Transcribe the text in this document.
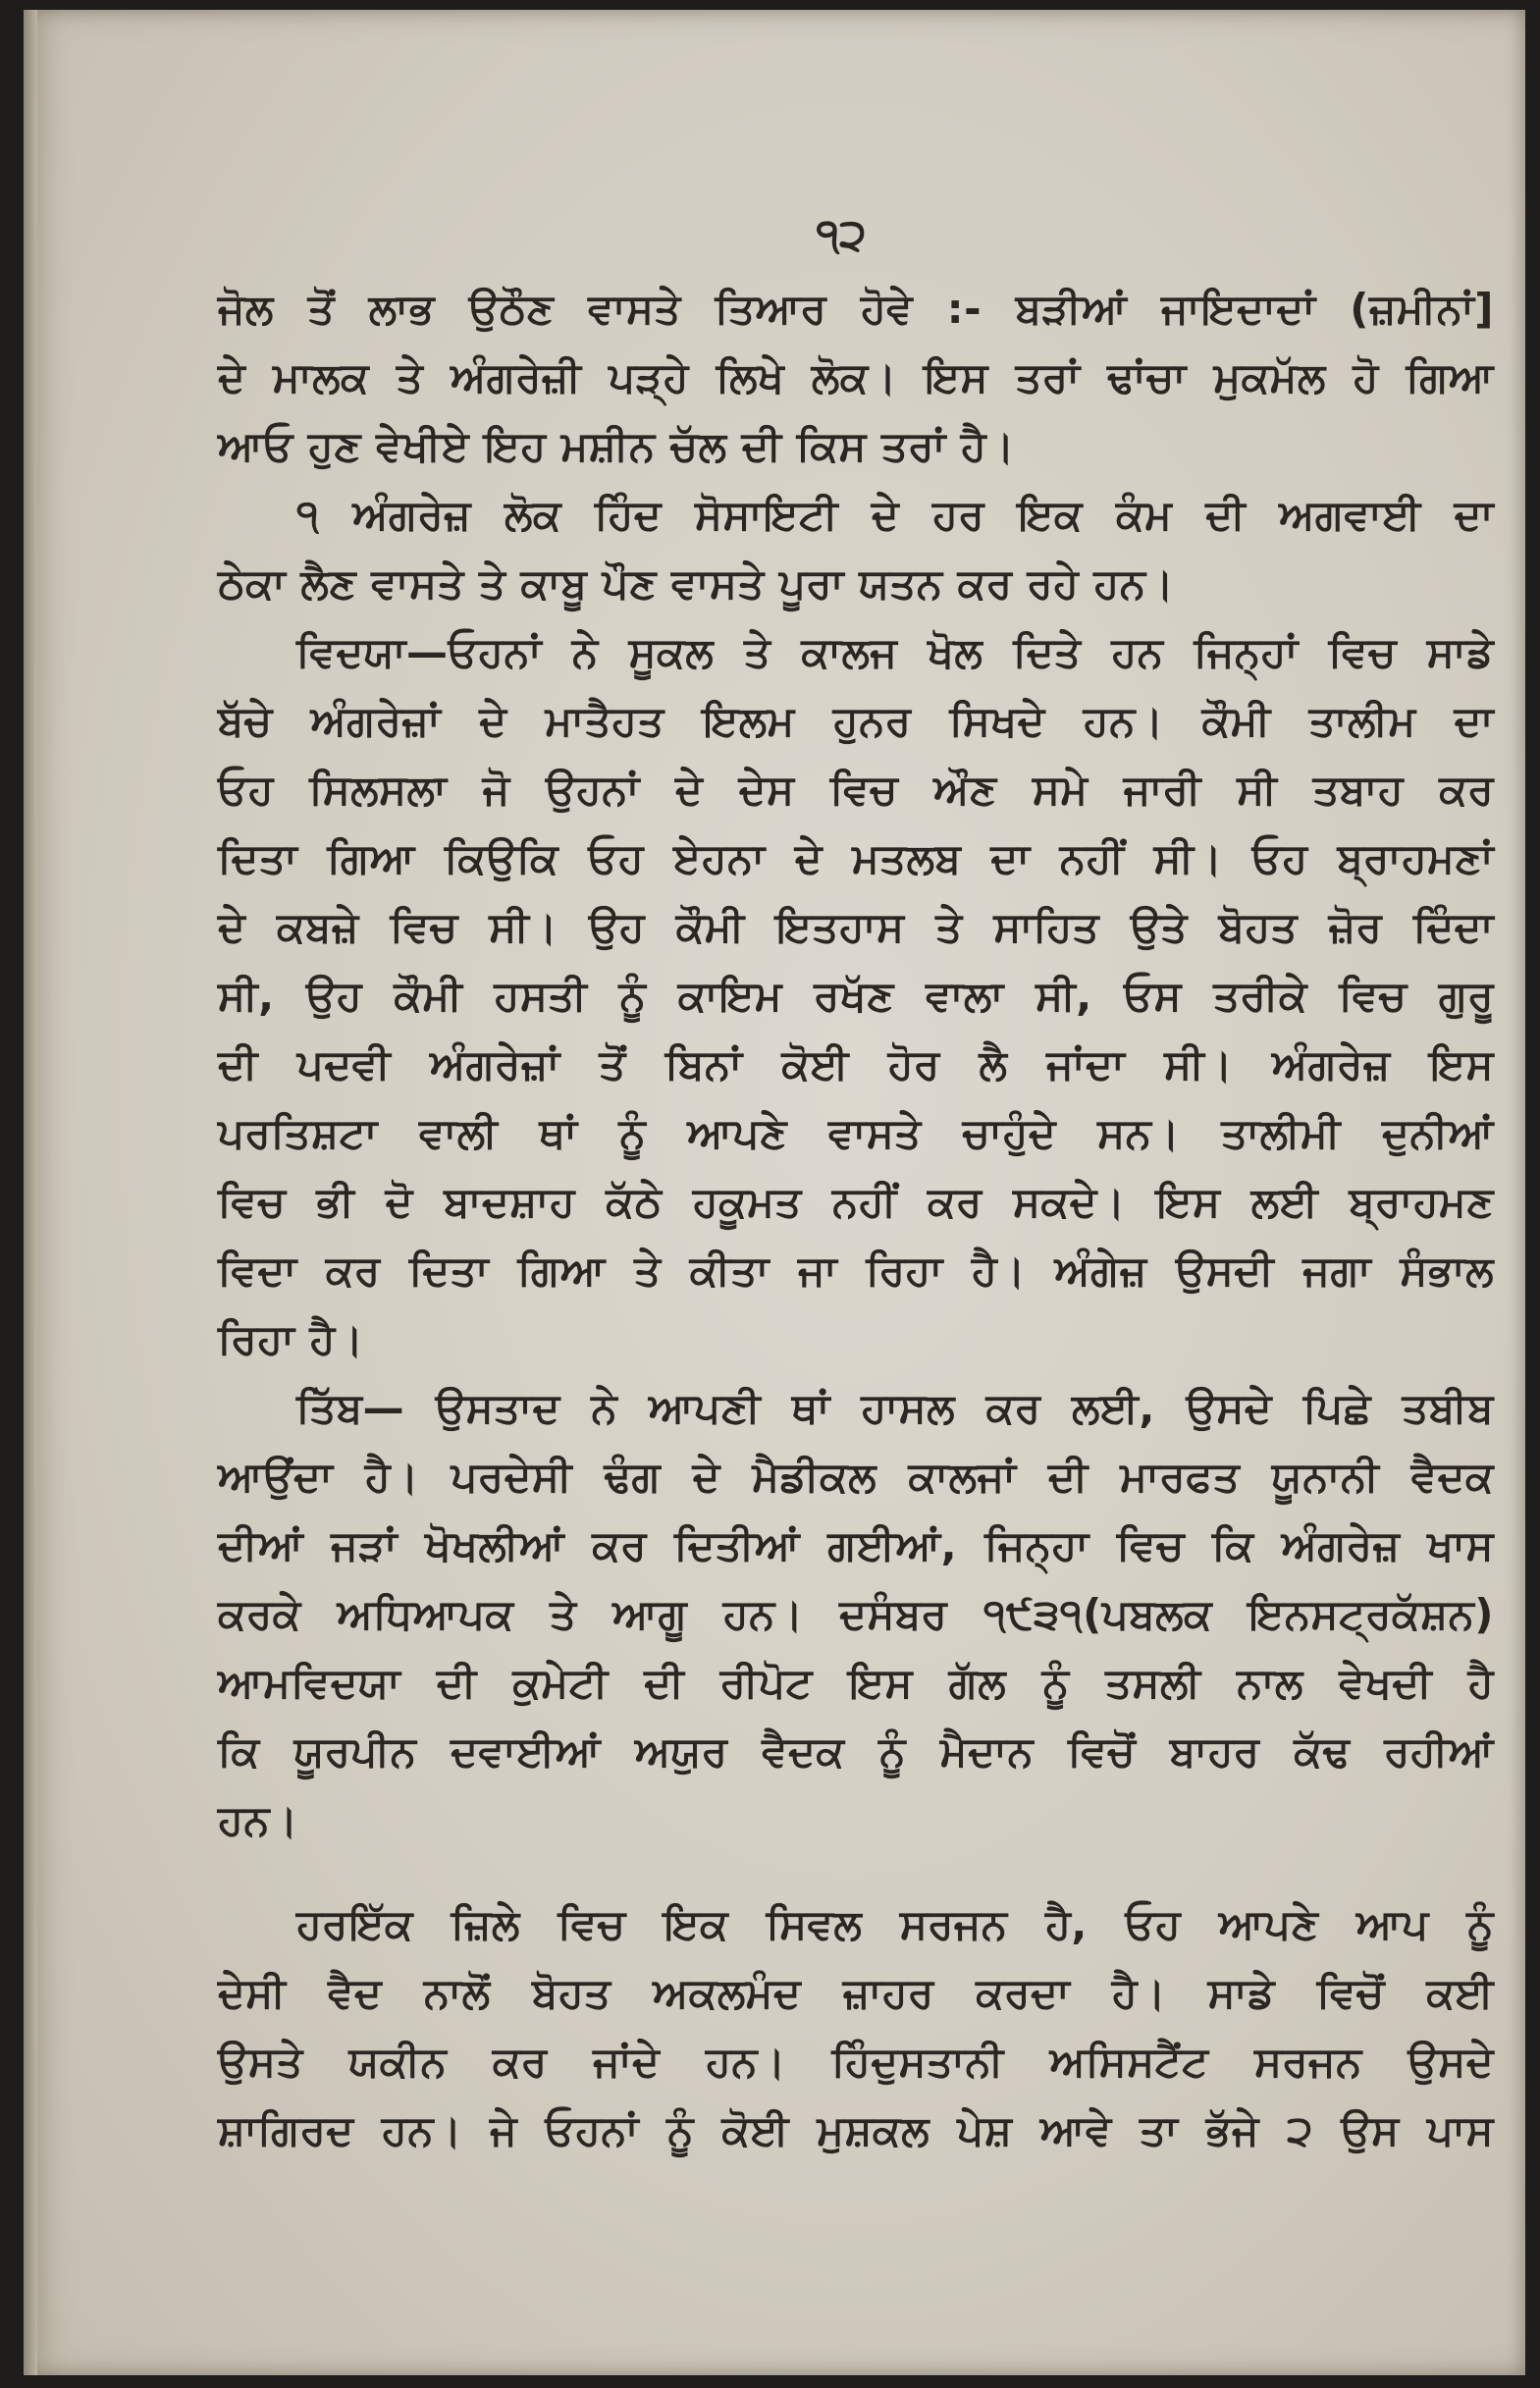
੧੨
ਜੋਲ ਤੋਂ ਲਾਭ ਉਠੌਣ ਵਾਸਤੇ ਤਿਆਰ ਹੋਵੇ :- ਬੜੀਆਂ ਜਾਇਦਾਦਾਂ (ਜ਼ਮੀਨਾਂ]
ਦੇ ਮਾਲਕ ਤੇ ਅੰਗਰੇਜ਼ੀ ਪੜ੍ਹੇ ਲਿਖੇ ਲੋਕ। ਇਸ ਤਰਾਂ ਢਾਂਚਾ ਮੁਕਮੱਲ ਹੋ ਗਿਆ
ਆਓ ਹੁਣ ਵੇਖੀਏ ਇਹ ਮਸ਼ੀਨ ਚੱਲ ਦੀ ਕਿਸ ਤਰਾਂ ਹੈ।
੧ ਅੰਗਰੇਜ਼ ਲੋਕ ਹਿੰਦ ਸੋਸਾਇਟੀ ਦੇ ਹਰ ਇਕ ਕੰਮ ਦੀ ਅਗਵਾਈ ਦਾ
ਠੇਕਾ ਲੈਣ ਵਾਸਤੇ ਤੇ ਕਾਬੂ ਪੌਣ ਵਾਸਤੇ ਪੂਰਾ ਯਤਨ ਕਰ ਰਹੇ ਹਨ।
ਵਿਦਯਾ—ਓਹਨਾਂ ਨੇ ਸੂਕਲ ਤੇ ਕਾਲਜ ਖੋਲ ਦਿਤੇ ਹਨ ਜਿਨ੍ਹਾਂ ਵਿਚ ਸਾਡੇ
ਬੱਚੇ ਅੰਗਰੇਜ਼ਾਂ ਦੇ ਮਾਤੈਹਤ ਇਲਮ ਹੁਨਰ ਸਿਖਦੇ ਹਨ। ਕੌਮੀ ਤਾਲੀਮ ਦਾ
ਓਹ ਸਿਲਸਲਾ ਜੋ ਉਹਨਾਂ ਦੇ ਦੇਸ ਵਿਚ ਔਣ ਸਮੇ ਜਾਰੀ ਸੀ ਤਬਾਹ ਕਰ
ਦਿਤਾ ਗਿਆ ਕਿਉਕਿ ਓਹ ਏਹਨਾ ਦੇ ਮਤਲਬ ਦਾ ਨਹੀਂ ਸੀ। ਓਹ ਬ੍ਰਾਹਮਣਾਂ
ਦੇ ਕਬਜ਼ੇ ਵਿਚ ਸੀ। ਉਹ ਕੌਮੀ ਇਤਹਾਸ ਤੇ ਸਾਹਿਤ ਉਤੇ ਬੋਹਤ ਜ਼ੋਰ ਦਿੰਦਾ
ਸੀ, ਉਹ ਕੌਮੀ ਹਸਤੀ ਨੂੰ ਕਾਇਮ ਰਖੱਣ ਵਾਲਾ ਸੀ, ਓਸ ਤਰੀਕੇ ਵਿਚ ਗੁਰੂ
ਦੀ ਪਦਵੀ ਅੰਗਰੇਜ਼ਾਂ ਤੋਂ ਬਿਨਾਂ ਕੋਈ ਹੋਰ ਲੈ ਜਾਂਦਾ ਸੀ। ਅੰਗਰੇਜ਼ ਇਸ
ਪਰਤਿਸ਼ਟਾ ਵਾਲੀ ਥਾਂ ਨੂੰ ਆਪਣੇ ਵਾਸਤੇ ਚਾਹੁੰਦੇ ਸਨ। ਤਾਲੀਮੀ ਦੁਨੀਆਂ
ਵਿਚ ਭੀ ਦੋ ਬਾਦਸ਼ਾਹ ਕੱਠੇ ਹਕੂਮਤ ਨਹੀਂ ਕਰ ਸਕਦੇ। ਇਸ ਲਈ ਬ੍ਰਾਹਮਣ
ਵਿਦਾ ਕਰ ਦਿਤਾ ਗਿਆ ਤੇ ਕੀਤਾ ਜਾ ਰਿਹਾ ਹੈ। ਅੰਗੇਜ਼ ਉਸਦੀ ਜਗਾ ਸੰਭਾਲ
ਰਿਹਾ ਹੈ।
ਤਿੱਬ— ਉਸਤਾਦ ਨੇ ਆਪਣੀ ਥਾਂ ਹਾਸਲ ਕਰ ਲਈ, ਉਸਦੇ ਪਿਛੇ ਤਬੀਬ
ਆਉਂਦਾ ਹੈ। ਪਰਦੇਸੀ ਢੰਗ ਦੇ ਮੈਡੀਕਲ ਕਾਲਜਾਂ ਦੀ ਮਾਰਫਤ ਯੂਨਾਨੀ ਵੈਦਕ
ਦੀਆਂ ਜੜਾਂ ਖੋਖਲੀਆਂ ਕਰ ਦਿਤੀਆਂ ਗਈਆਂ, ਜਿਨ੍ਹਾ ਵਿਚ ਕਿ ਅੰਗਰੇਜ਼ ਖਾਸ
ਕਰਕੇ ਅਧਿਆਪਕ ਤੇ ਆਗੂ ਹਨ। ਦਸੰਬਰ ੧੯੩੧(ਪਬਲਕ ਇਨਸਟ੍ਰਕੱਸ਼ਨ)
ਆਮਵਿਦਯਾ ਦੀ ਕੁਮੇਟੀ ਦੀ ਰੀਪੋਟ ਇਸ ਗੱਲ ਨੂੰ ਤਸਲੀ ਨਾਲ ਵੇਖਦੀ ਹੈ
ਕਿ ਯੂਰਪੀਨ ਦਵਾਈਆਂ ਅਯੁਰ ਵੈਦਕ ਨੂੰ ਮੈਦਾਨ ਵਿਚੋਂ ਬਾਹਰ ਕੱਢ ਰਹੀਆਂ
ਹਨ।
ਹਰਇੱਕ ਜ਼ਿਲੇ ਵਿਚ ਇਕ ਸਿਵਲ ਸਰਜਨ ਹੈ, ਓਹ ਆਪਣੇ ਆਪ ਨੂੰ
ਦੇਸੀ ਵੈਦ ਨਾਲੋਂ ਬੋਹਤ ਅਕਲਮੰਦ ਜ਼ਾਹਰ ਕਰਦਾ ਹੈ। ਸਾਡੇ ਵਿਚੋਂ ਕਈ
ਉਸਤੇ ਯਕੀਨ ਕਰ ਜਾਂਦੇ ਹਨ। ਹਿੰਦੁਸਤਾਨੀ ਅਸਿਸਟੈਂਟ ਸਰਜਨ ਉਸਦੇ
ਸ਼ਾਗਿਰਦ ਹਨ। ਜੇ ਓਹਨਾਂ ਨੂੰ ਕੋਈ ਮੁਸ਼ਕਲ ਪੇਸ਼ ਆਵੇ ਤਾ ਭੱਜੇ ੨ ਉਸ ਪਾਸ
